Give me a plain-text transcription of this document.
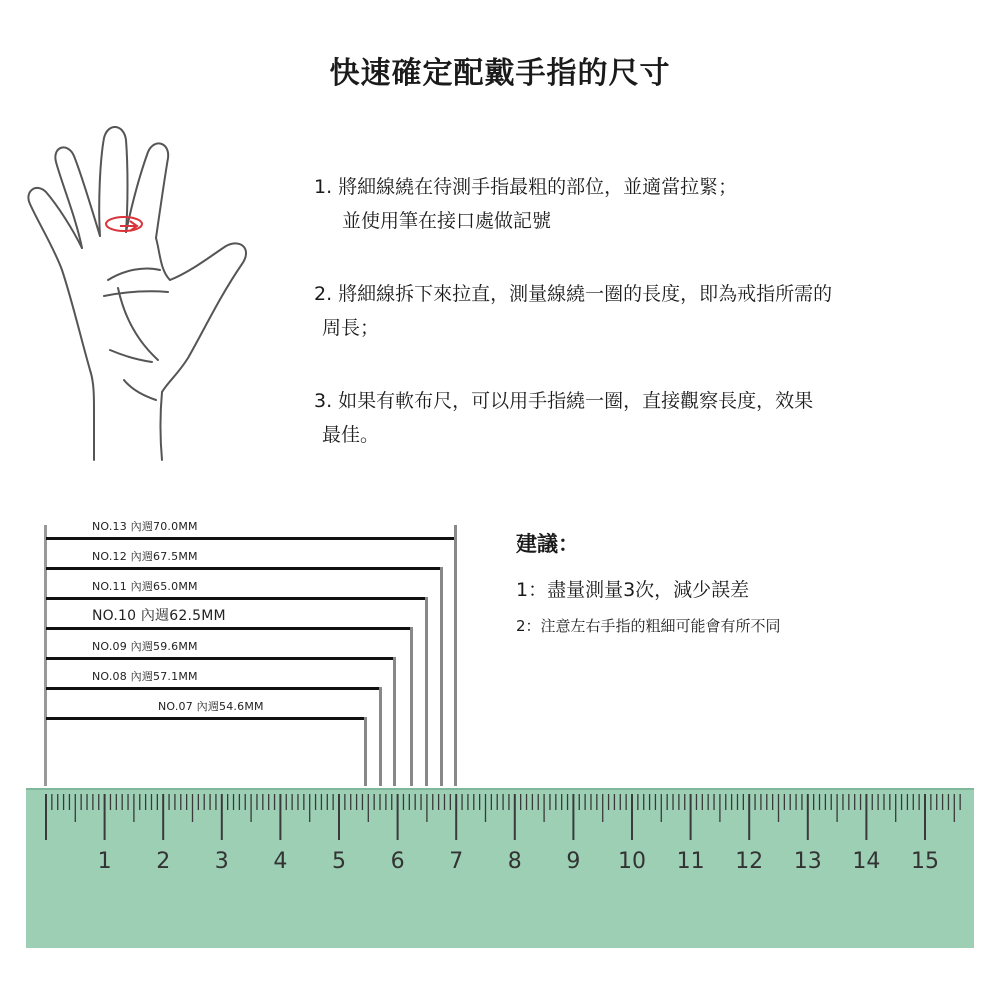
快速確定配戴手指的尺寸
1. 將細線繞在待測手指最粗的部位，並適當拉緊；
並使用筆在接口處做記號
2. 將細線拆下來拉直，測量線繞一圈的長度，即為戒指所需的
周長；
3. 如果有軟布尺，可以用手指繞一圈，直接觀察長度，效果
最佳。
NO.13 內週70.0MM
NO.12 內週67.5MM
NO.11 內週65.0MM
NO.10 內週62.5MM
NO.09 內週59.6MM
NO.08 內週57.1MM
NO.07 內週54.6MM
建議：
1：盡量測量3次，減少誤差
2：注意左右手指的粗細可能會有所不同
1 2 3 4 5 6 7 8 9 10 11 12 13 14 15
